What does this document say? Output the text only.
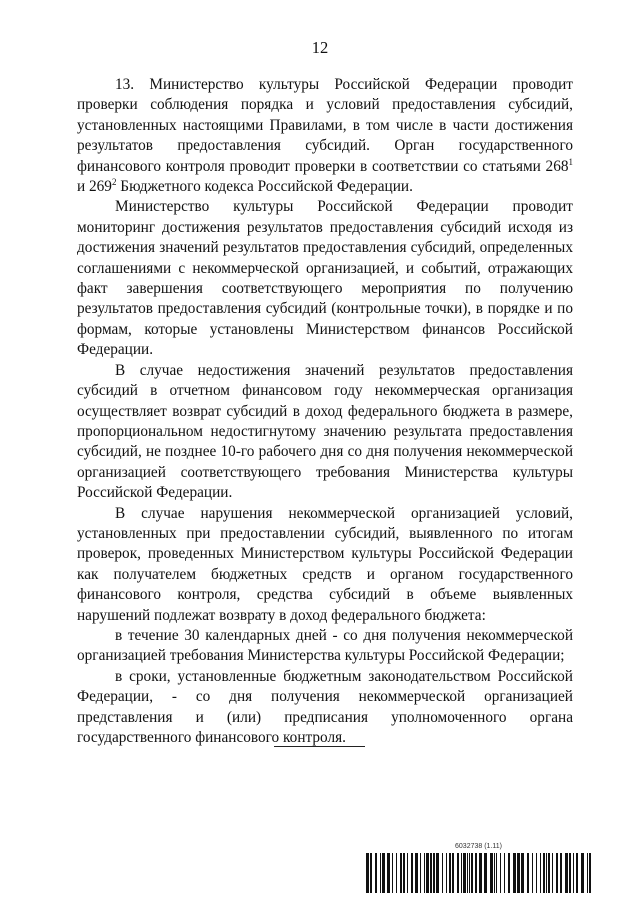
12

13. Министерство культуры Российской Федерации проводит проверки соблюдения порядка и условий предоставления субсидий, установленных настоящими Правилами, в том числе в части достижения результатов предоставления субсидий. Орган государственного финансового контроля проводит проверки в соответствии со статьями $268^1$ и $269^2$ Бюджетного кодекса Российской Федерации.

Министерство культуры Российской Федерации проводит мониторинг достижения результатов предоставления субсидий исходя из достижения значений результатов предоставления субсидий, определенных соглашениями с некоммерческой организацией, и событий, отражающих факт завершения соответствующего мероприятия по получению результатов предоставления субсидий (контрольные точки), в порядке и по формам, которые установлены Министерством финансов Российской Федерации.

В случае недостижения значений результатов предоставления субсидий в отчетном финансовом году некоммерческая организация осуществляет возврат субсидий в доход федерального бюджета в размере, пропорциональном недостигнутому значению результата предоставления субсидий, не позднее 10-го рабочего дня со дня получения некоммерческой организацией соответствующего требования Министерства культуры Российской Федерации.

В случае нарушения некоммерческой организацией условий, установленных при предоставлении субсидий, выявленного по итогам проверок, проведенных Министерством культуры Российской Федерации как получателем бюджетных средств и органом государственного финансового контроля, средства субсидий в объеме выявленных нарушений подлежат возврату в доход федерального бюджета:

в течение 30 календарных дней - со дня получения некоммерческой организацией требования Министерства культуры Российской Федерации;

в сроки, установленные бюджетным законодательством Российской Федерации, - со дня получения некоммерческой организацией представления и (или) предписания уполномоченного органа государственного финансового контроля.

6032738 (1.11)
